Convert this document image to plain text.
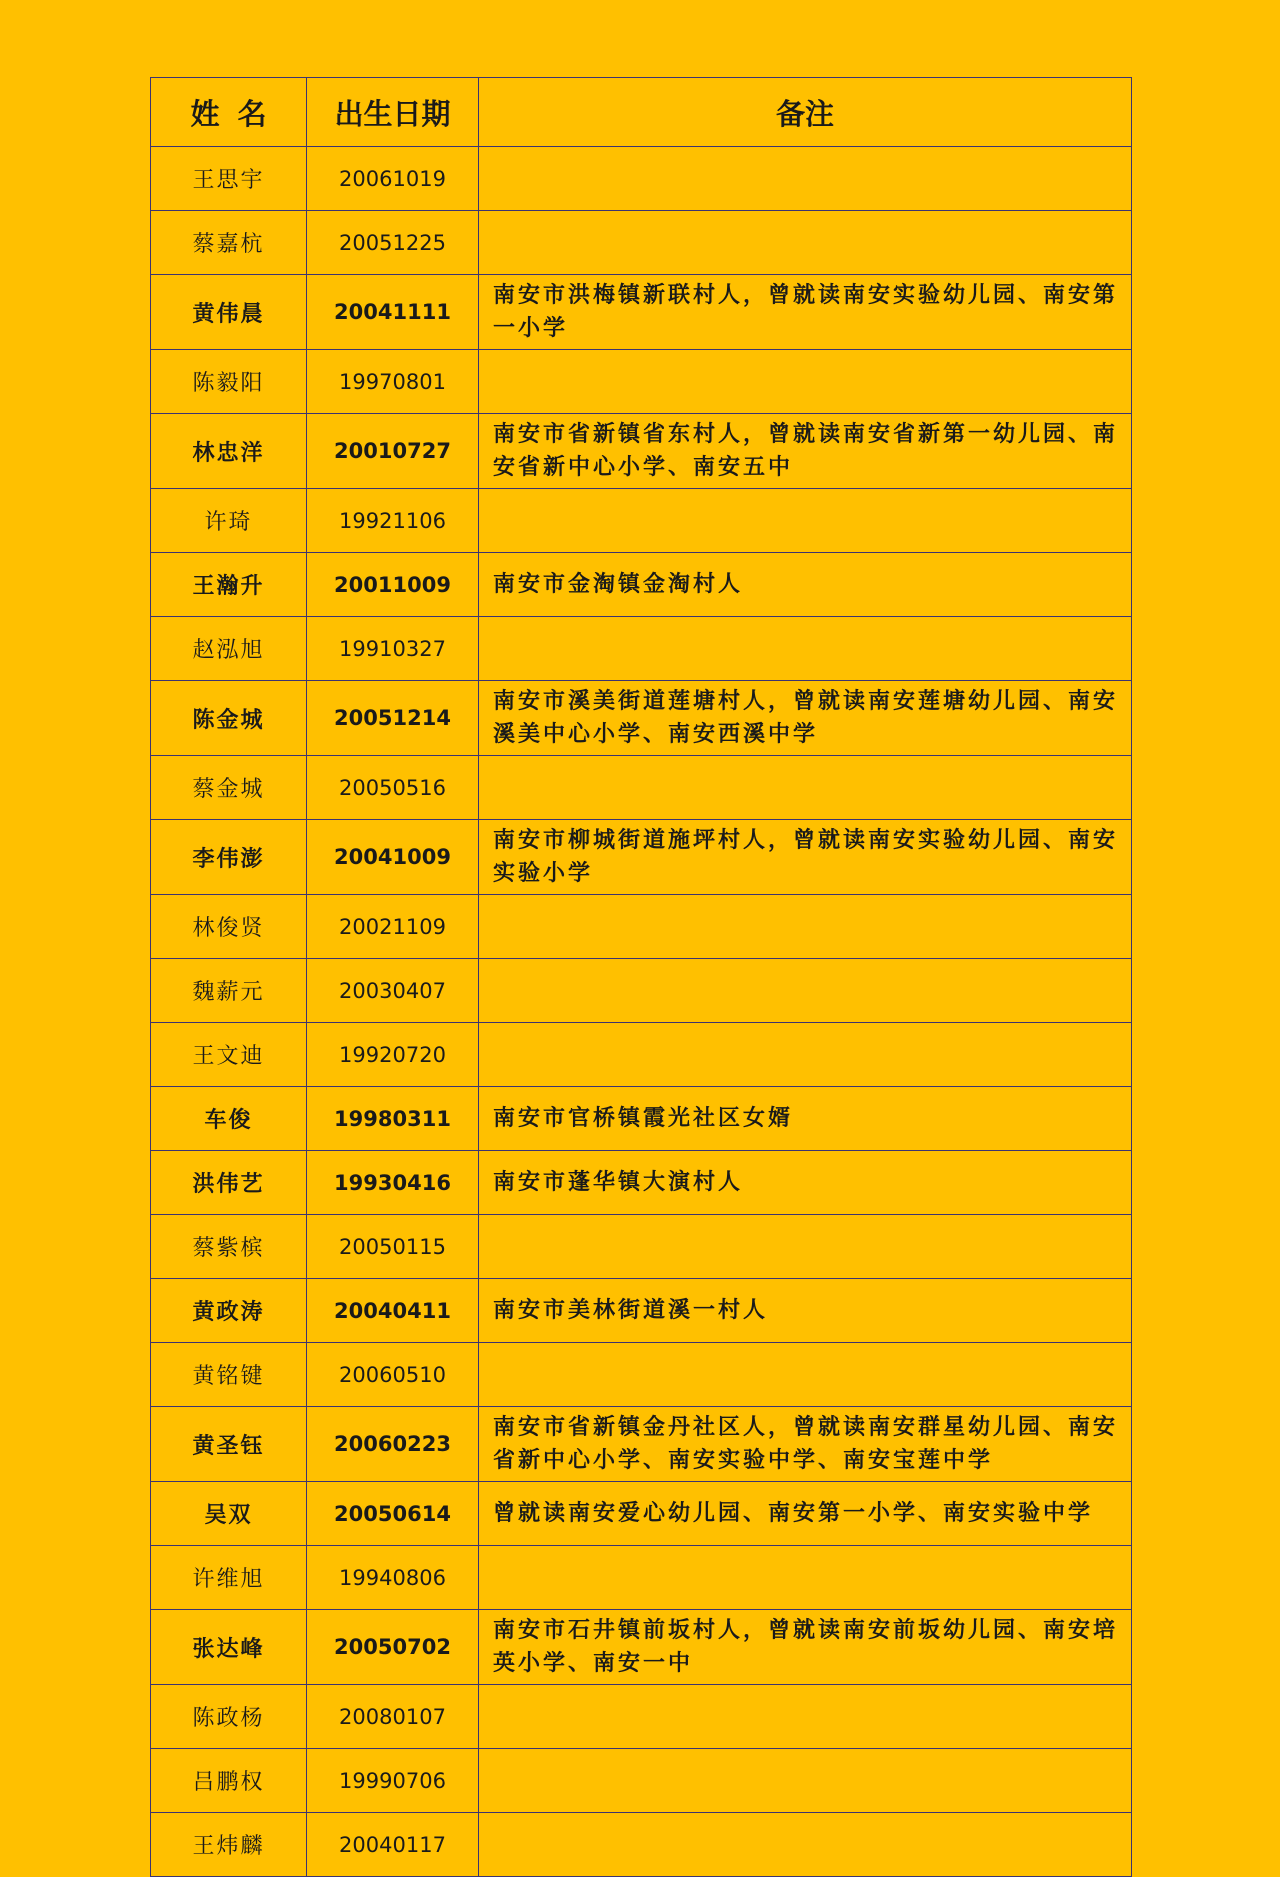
姓名	出生日期	备注
王思宇	20061019	
蔡嘉杭	20051225	
黄伟晨	20041111	南安市洪梅镇新联村人，曾就读南安实验幼儿园、南安第一小学
陈毅阳	19970801	
林忠洋	20010727	南安市省新镇省东村人，曾就读南安省新第一幼儿园、南安省新中心小学、南安五中
许琦	19921106	
王瀚升	20011009	南安市金淘镇金淘村人
赵泓旭	19910327	
陈金城	20051214	南安市溪美街道莲塘村人，曾就读南安莲塘幼儿园、南安溪美中心小学、南安西溪中学
蔡金城	20050516	
李伟澎	20041009	南安市柳城街道施坪村人，曾就读南安实验幼儿园、南安实验小学
林俊贤	20021109	
魏薪元	20030407	
王文迪	19920720	
车俊	19980311	南安市官桥镇霞光社区女婿
洪伟艺	19930416	南安市蓬华镇大演村人
蔡紫槟	20050115	
黄政涛	20040411	南安市美林街道溪一村人
黄铭键	20060510	
黄圣钰	20060223	南安市省新镇金丹社区人，曾就读南安群星幼儿园、南安省新中心小学、南安实验中学、南安宝莲中学
吴双	20050614	曾就读南安爱心幼儿园、南安第一小学、南安实验中学
许维旭	19940806	
张达峰	20050702	南安市石井镇前坂村人，曾就读南安前坂幼儿园、南安培英小学、南安一中
陈政杨	20080107	
吕鹏权	19990706	
王炜麟	20040117	
